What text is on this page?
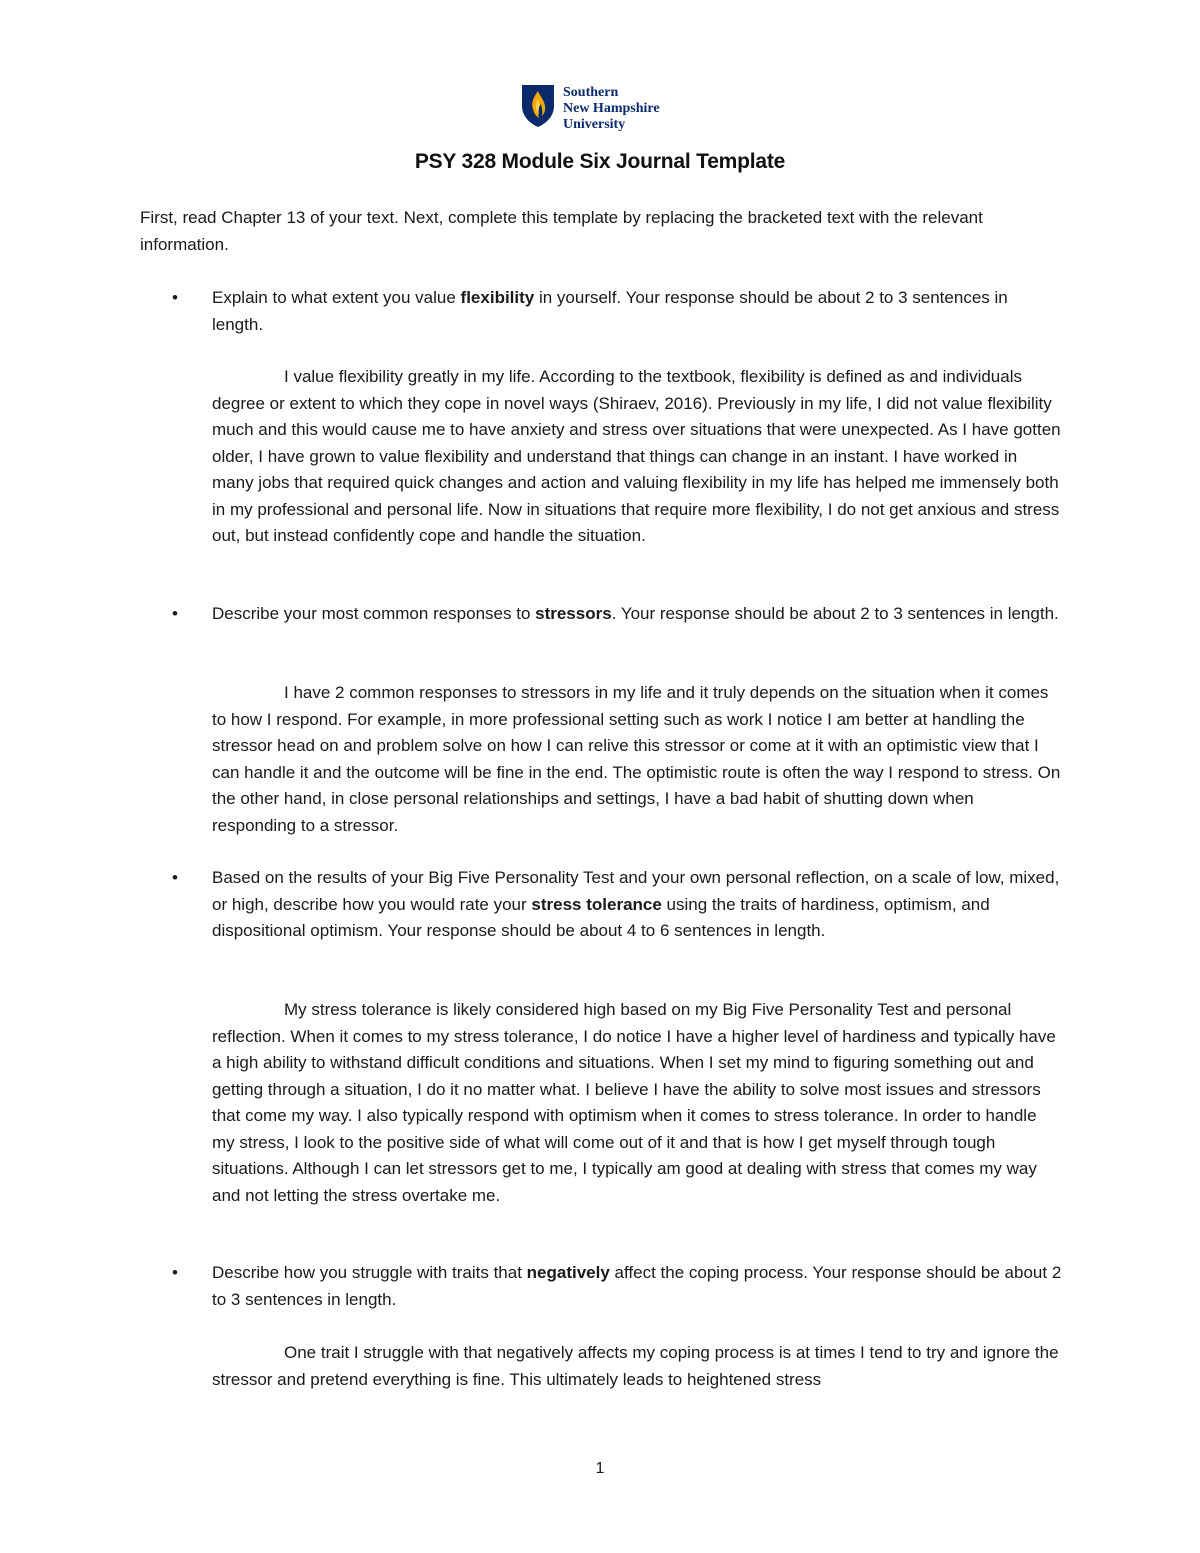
Southern
New Hampshire
University
PSY 328 Module Six Journal Template
First, read Chapter 13 of your text. Next, complete this template by replacing the bracketed text with the relevant information.
• Explain to what extent you value flexibility in yourself. Your response should be about 2 to 3 sentences in length.
I value flexibility greatly in my life. According to the textbook, flexibility is defined as and individuals degree or extent to which they cope in novel ways (Shiraev, 2016). Previously in my life, I did not value flexibility much and this would cause me to have anxiety and stress over situations that were unexpected. As I have gotten older, I have grown to value flexibility and understand that things can change in an instant. I have worked in many jobs that required quick changes and action and valuing flexibility in my life has helped me immensely both in my professional and personal life. Now in situations that require more flexibility, I do not get anxious and stress out, but instead confidently cope and handle the situation.
• Describe your most common responses to stressors. Your response should be about 2 to 3 sentences in length.
I have 2 common responses to stressors in my life and it truly depends on the situation when it comes to how I respond. For example, in more professional setting such as work I notice I am better at handling the stressor head on and problem solve on how I can relive this stressor or come at it with an optimistic view that I can handle it and the outcome will be fine in the end. The optimistic route is often the way I respond to stress. On the other hand, in close personal relationships and settings, I have a bad habit of shutting down when responding to a stressor.
• Based on the results of your Big Five Personality Test and your own personal reflection, on a scale of low, mixed, or high, describe how you would rate your stress tolerance using the traits of hardiness, optimism, and dispositional optimism. Your response should be about 4 to 6 sentences in length.
My stress tolerance is likely considered high based on my Big Five Personality Test and personal reflection. When it comes to my stress tolerance, I do notice I have a higher level of hardiness and typically have a high ability to withstand difficult conditions and situations. When I set my mind to figuring something out and getting through a situation, I do it no matter what. I believe I have the ability to solve most issues and stressors that come my way. I also typically respond with optimism when it comes to stress tolerance. In order to handle my stress, I look to the positive side of what will come out of it and that is how I get myself through tough situations. Although I can let stressors get to me, I typically am good at dealing with stress that comes my way and not letting the stress overtake me.
• Describe how you struggle with traits that negatively affect the coping process. Your response should be about 2 to 3 sentences in length.
One trait I struggle with that negatively affects my coping process is at times I tend to try and ignore the stressor and pretend everything is fine. This ultimately leads to heightened stress
1
